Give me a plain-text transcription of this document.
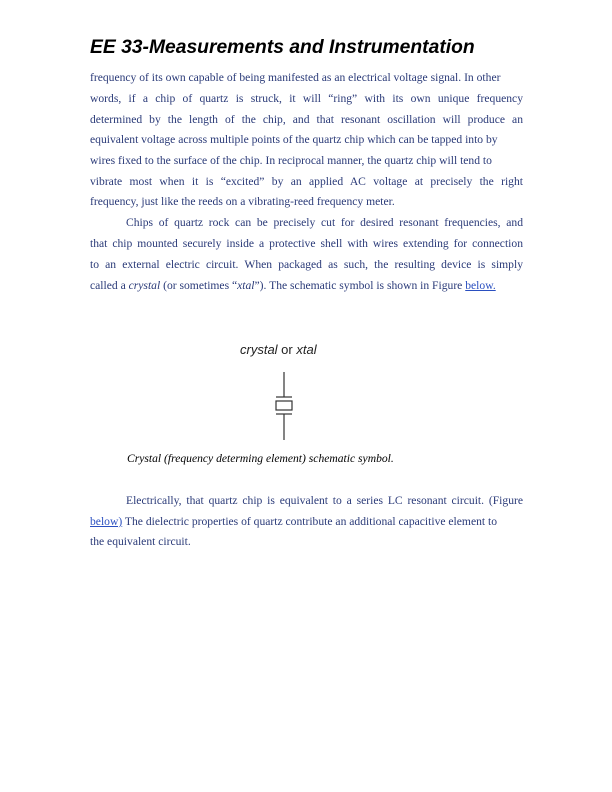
EE 33-Measurements and Instrumentation
frequency of its own capable of being manifested as an electrical voltage signal. In other
words, if a chip of quartz is struck, it will “ring” with its own unique frequency
determined by the length of the chip, and that resonant oscillation will produce an
equivalent voltage across multiple points of the quartz chip which can be tapped into by
wires fixed to the surface of the chip. In reciprocal manner, the quartz chip will tend to
vibrate most when it is “excited” by an applied AC voltage at precisely the right
frequency, just like the reeds on a vibrating-reed frequency meter.
Chips of quartz rock can be precisely cut for desired resonant frequencies, and
that chip mounted securely inside a protective shell with wires extending for connection
to an external electric circuit. When packaged as such, the resulting device is simply
called a crystal (or sometimes “xtal”). The schematic symbol is shown in Figure below.
crystal or xtal
Crystal (frequency determing element) schematic symbol.
Electrically, that quartz chip is equivalent to a series LC resonant circuit. (Figure
below) The dielectric properties of quartz contribute an additional capacitive element to
the equivalent circuit.
